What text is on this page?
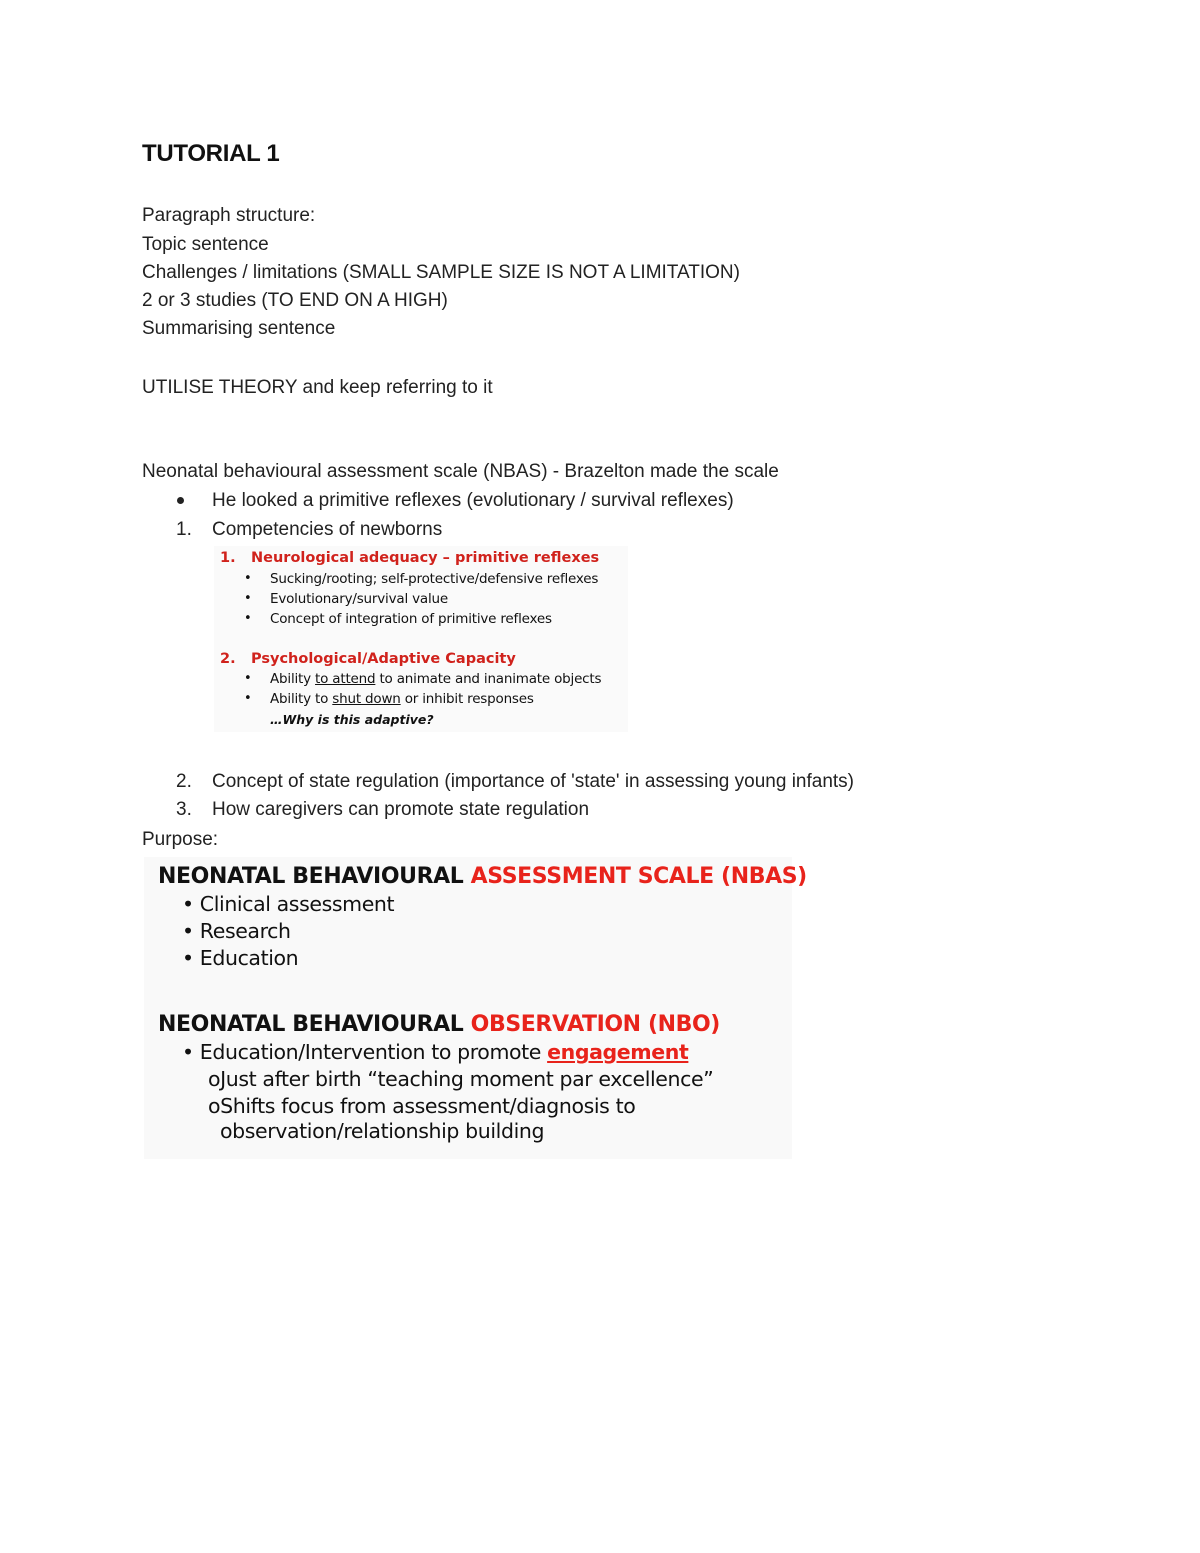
TUTORIAL 1
Paragraph structure:
Topic sentence
Challenges / limitations (SMALL SAMPLE SIZE IS NOT A LIMITATION)
2 or 3 studies (TO END ON A HIGH)
Summarising sentence
UTILISE THEORY and keep referring to it
Neonatal behavioural assessment scale (NBAS) - Brazelton made the scale
He looked a primitive reflexes (evolutionary / survival reflexes)
1. Competencies of newborns
1. Neurological adequacy – primitive reflexes
• Sucking/rooting; self-protective/defensive reflexes
• Evolutionary/survival value
• Concept of integration of primitive reflexes
2. Psychological/Adaptive Capacity
• Ability to attend to animate and inanimate objects
• Ability to shut down or inhibit responses
…Why is this adaptive?
2. Concept of state regulation (importance of 'state' in assessing young infants)
3. How caregivers can promote state regulation
Purpose:
NEONATAL BEHAVIOURAL ASSESSMENT SCALE (NBAS)
• Clinical assessment
• Research
• Education
NEONATAL BEHAVIOURAL OBSERVATION (NBO)
• Education/Intervention to promote engagement
oJust after birth “teaching moment par excellence”
oShifts focus from assessment/diagnosis to
observation/relationship building
